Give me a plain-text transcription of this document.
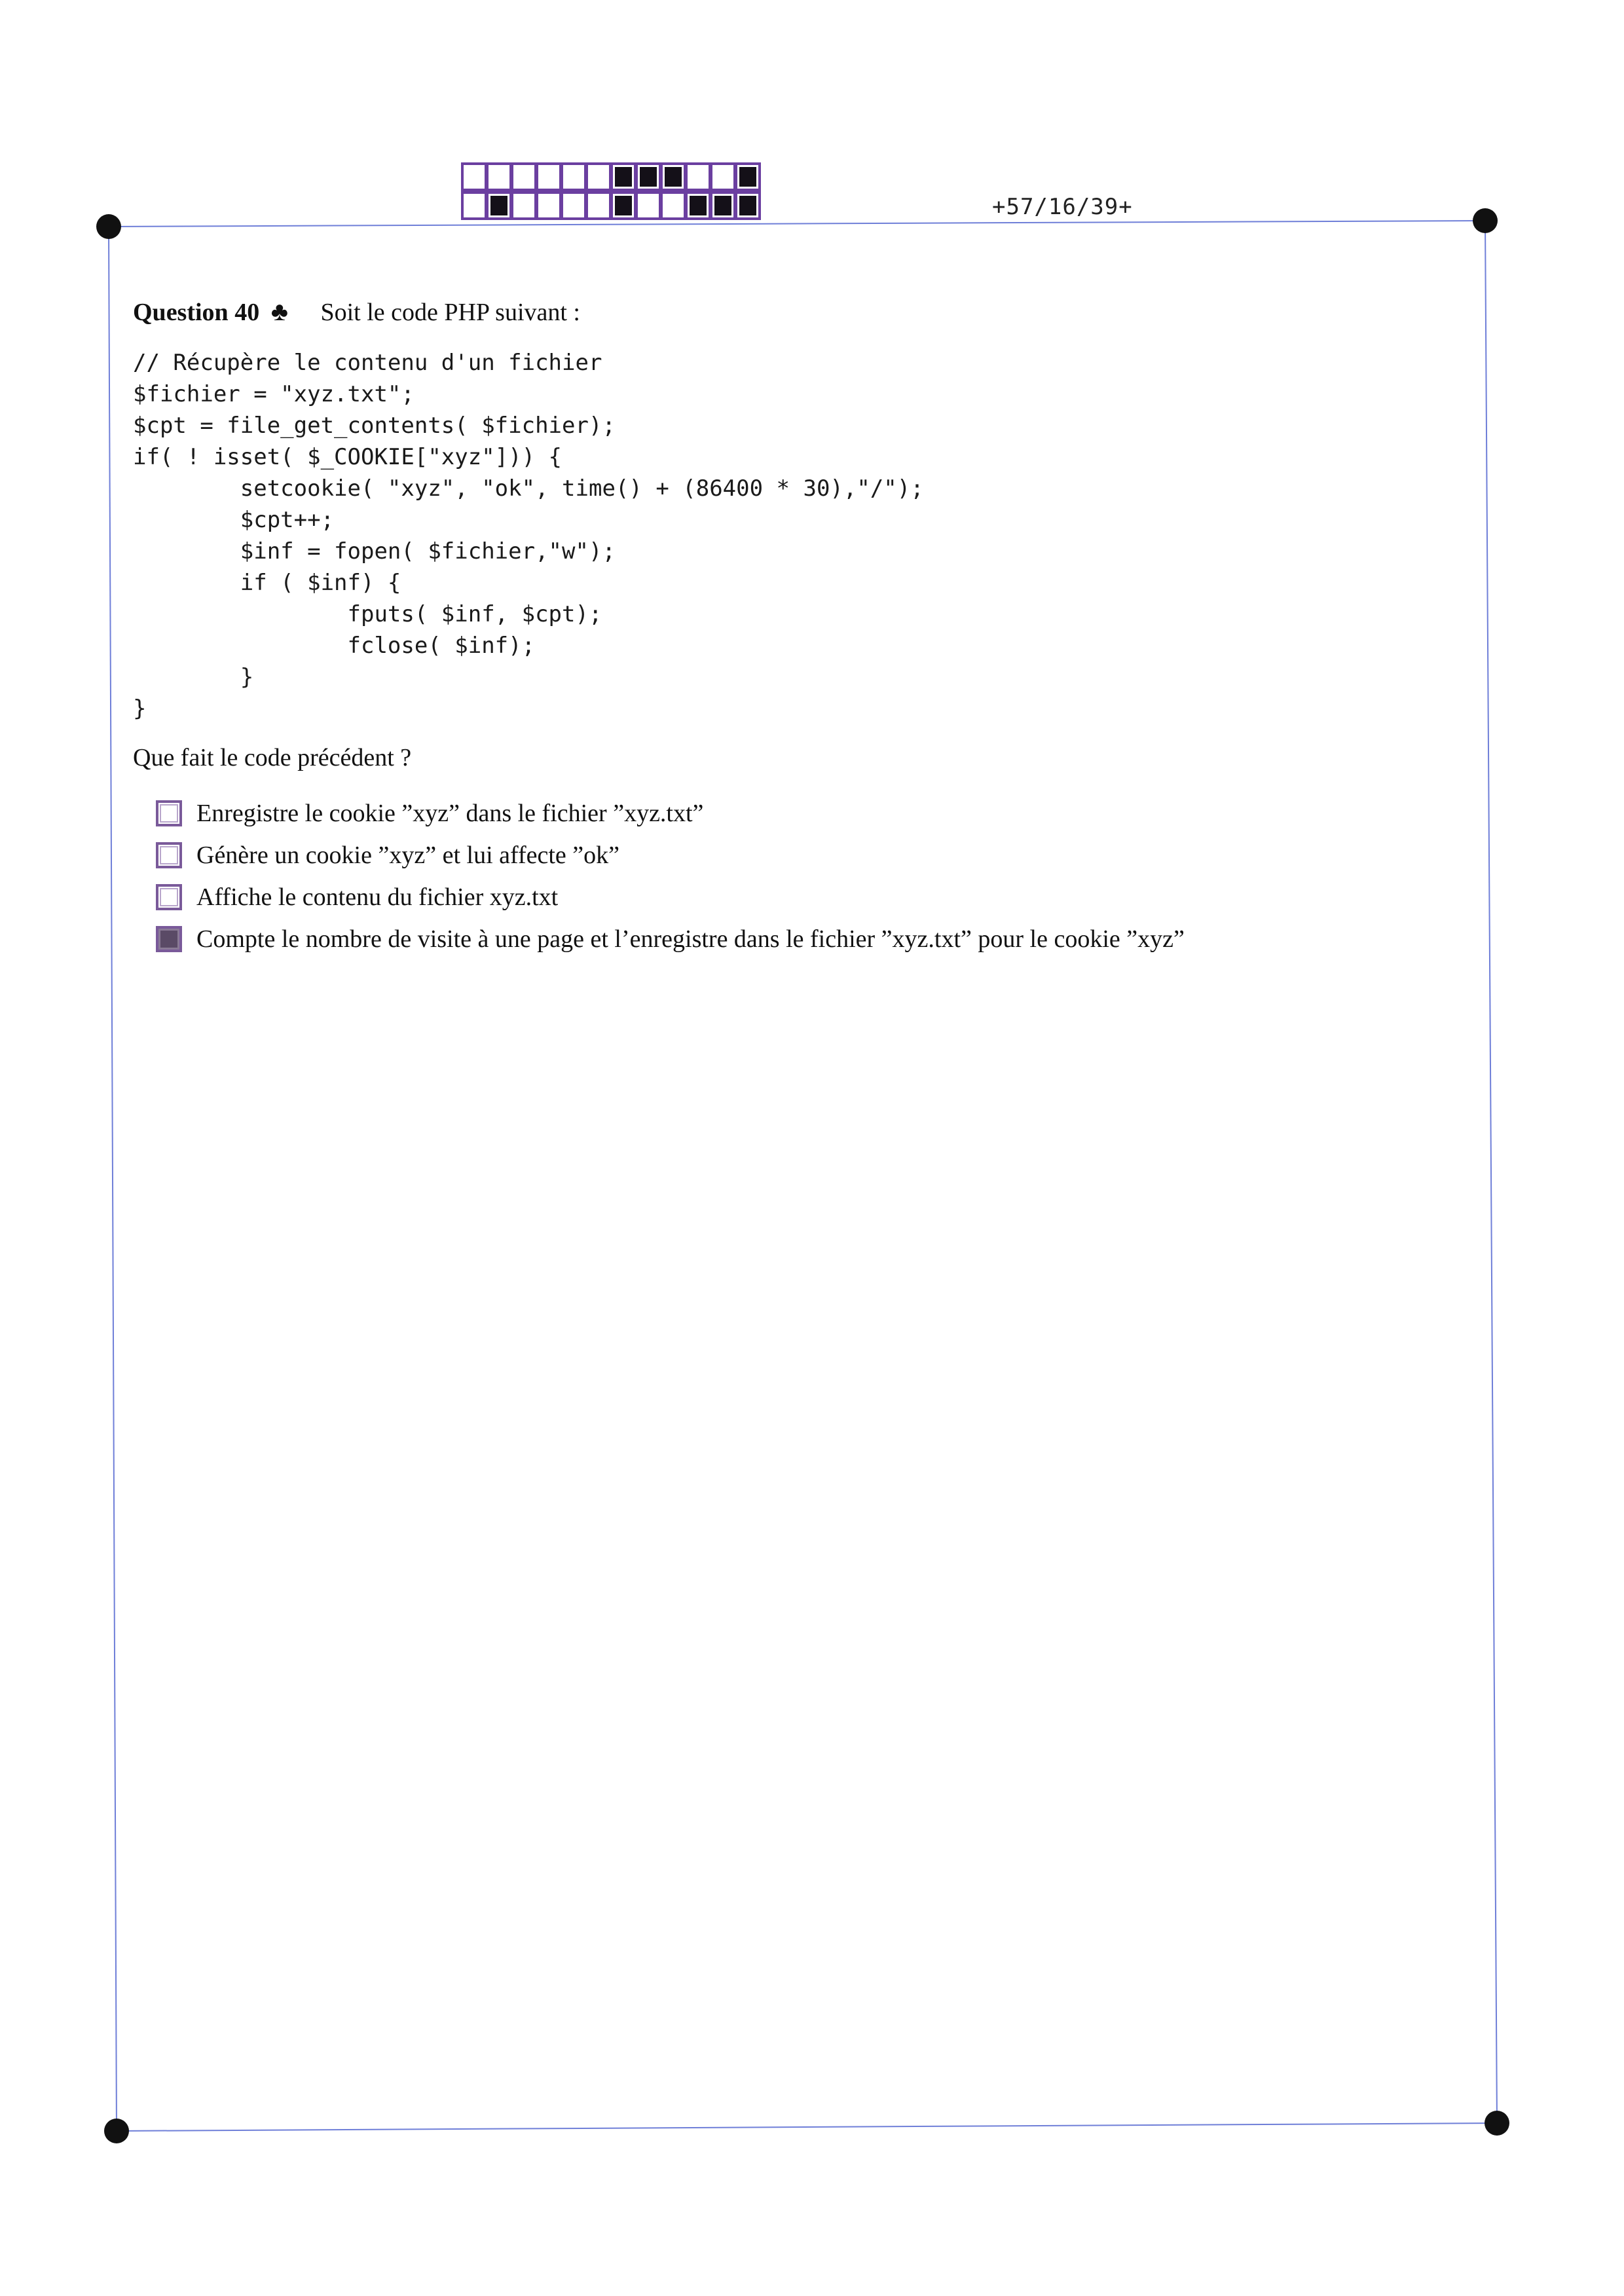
+57/16/39+
Question 40 ♣ Soit le code PHP suivant :
// Récupère le contenu d'un fichier
$fichier = "xyz.txt";
$cpt = file_get_contents( $fichier);
if( ! isset( $_COOKIE["xyz"])) {
setcookie( "xyz", "ok", time() + (86400 * 30),"/");
$cpt++;
$inf = fopen( $fichier,"w");
if ( $inf) {
fputs( $inf, $cpt);
fclose( $inf);
}
}
Que fait le code précédent ?
Enregistre le cookie ”xyz” dans le fichier ”xyz.txt”
Génère un cookie ”xyz” et lui affecte ”ok”
Affiche le contenu du fichier xyz.txt
Compte le nombre de visite à une page et l’enregistre dans le fichier ”xyz.txt” pour le cookie ”xyz”
